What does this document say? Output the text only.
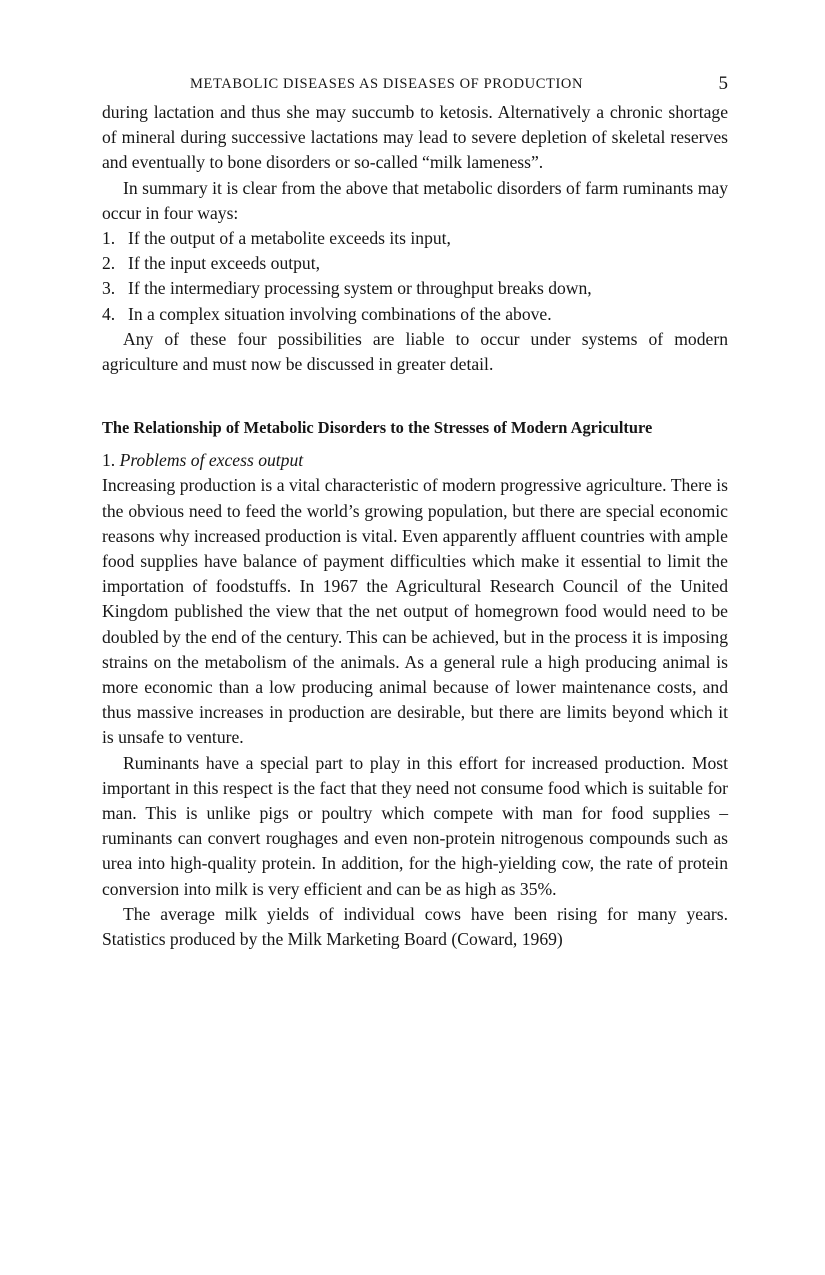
METABOLIC DISEASES AS DISEASES OF PRODUCTION	5

during lactation and thus she may succumb to ketosis. Alternatively a chronic shortage of mineral during successive lactations may lead to severe depletion of skeletal reserves and eventually to bone disorders or so-called “milk lameness”.

In summary it is clear from the above that metabolic disorders of farm ruminants may occur in four ways:

1. If the output of a metabolite exceeds its input,
2. If the input exceeds output,
3. If the intermediary processing system or throughput breaks down,
4. In a complex situation involving combinations of the above.

Any of these four possibilities are liable to occur under systems of modern agriculture and must now be discussed in greater detail.

The Relationship of Metabolic Disorders to the Stresses of Modern Agriculture
1. Problems of excess output

Increasing production is a vital characteristic of modern progressive agriculture. There is the obvious need to feed the world’s growing population, but there are special economic reasons why increased production is vital. Even apparently affluent countries with ample food supplies have balance of payment difficulties which make it essential to limit the importation of foodstuffs. In 1967 the Agricultural Research Council of the United Kingdom published the view that the net output of homegrown food would need to be doubled by the end of the century. This can be achieved, but in the process it is imposing strains on the metabolism of the animals. As a general rule a high producing animal is more economic than a low producing animal because of lower maintenance costs, and thus massive increases in production are desirable, but there are limits beyond which it is unsafe to venture.

Ruminants have a special part to play in this effort for increased production. Most important in this respect is the fact that they need not consume food which is suitable for man. This is unlike pigs or poultry which compete with man for food supplies – ruminants can convert roughages and even non-protein nitrogenous compounds such as urea into high-quality protein. In addition, for the high-yielding cow, the rate of protein conversion into milk is very efficient and can be as high as 35%.

The average milk yields of individual cows have been rising for many years. Statistics produced by the Milk Marketing Board (Coward, 1969)
